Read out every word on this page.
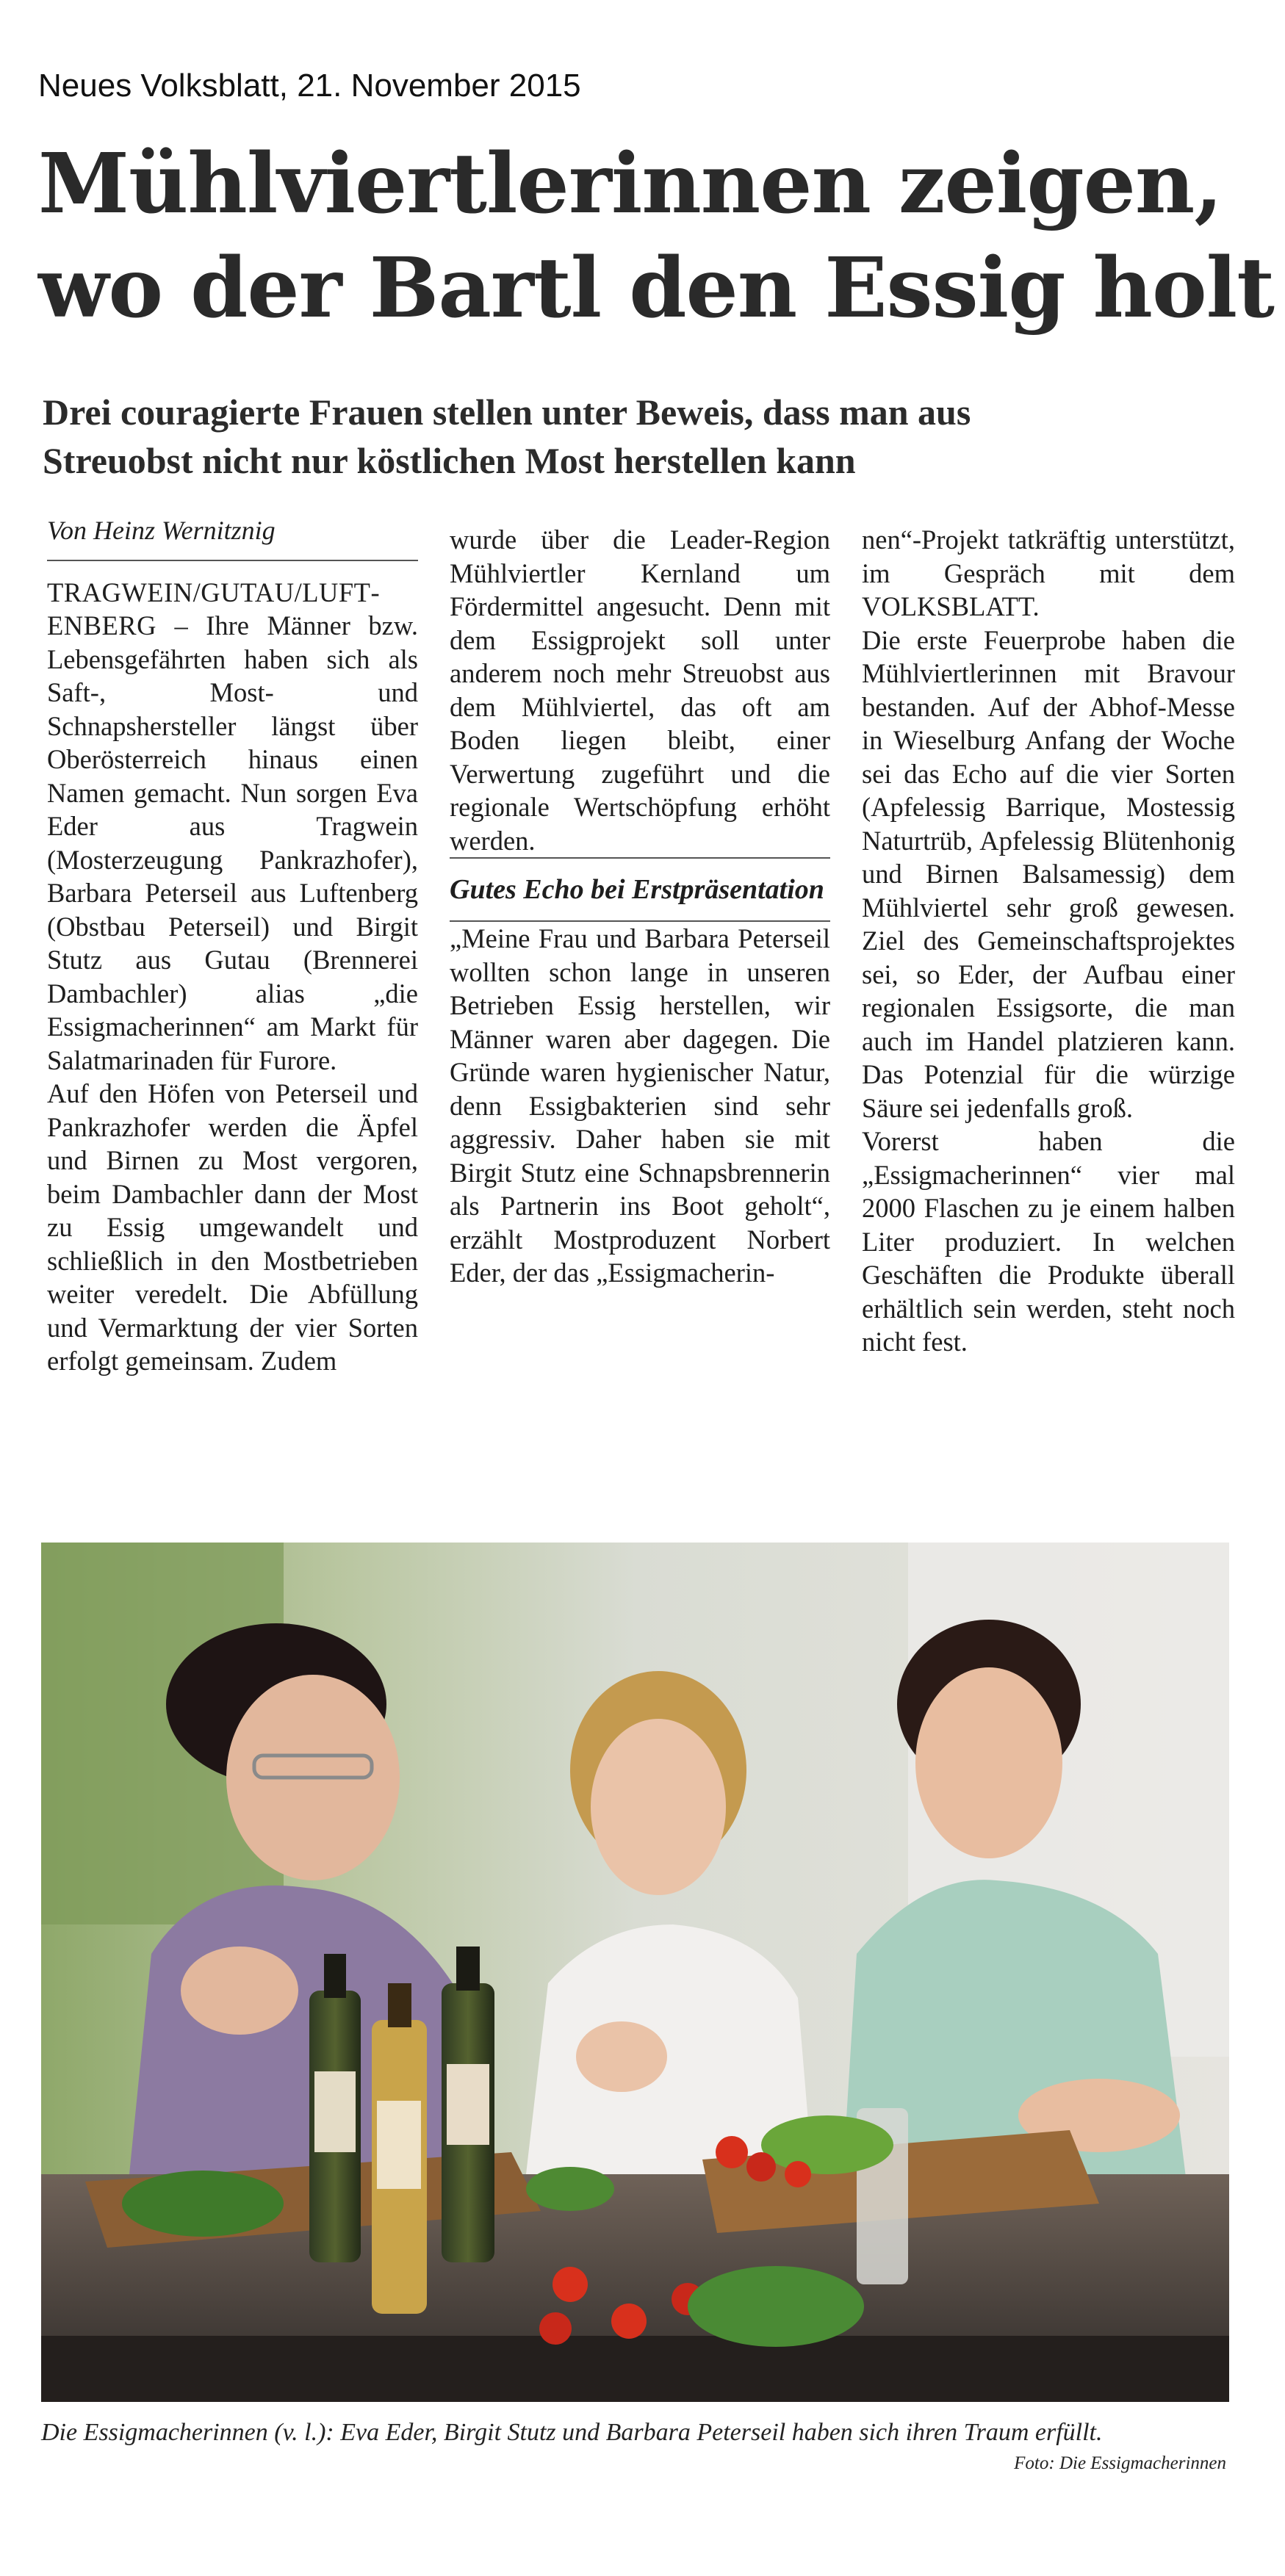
Neues Volksblatt, 21. November 2015
Mühlviertlerinnen zeigen,
wo der Bartl den Essig holt
Drei couragierte Frauen stellen unter Beweis, dass man aus
Streuobst nicht nur köstlichen Most herstellen kann

Von Heinz Wernitznig

TRAGWEIN/GUTAU/LUFTENBERG – Ihre Männer bzw. Lebensgefährten haben sich als Saft-, Most- und Schnapshersteller längst über Oberösterreich hinaus einen Namen gemacht. Nun sorgen Eva Eder aus Tragwein (Mosterzeugung Pankrazhofer), Barbara Peterseil aus Luftenberg (Obstbau Peterseil) und Birgit Stutz aus Gutau (Brennerei Dambachler) alias „die Essigmacherinnen“ am Markt für Salatmarinaden für Furore.

Auf den Höfen von Peterseil und Pankrazhofer werden die Äpfel und Birnen zu Most vergoren, beim Dambachler dann der Most zu Essig umgewandelt und schließlich in den Mostbetrieben weiter veredelt. Die Abfüllung und Vermarktung der vier Sorten erfolgt gemeinsam. Zudem

wurde über die Leader-Region Mühlviertler Kernland um Fördermittel angesucht. Denn mit dem Essigprojekt soll unter anderem noch mehr Streuobst aus dem Mühlviertel, das oft am Boden liegen bleibt, einer Verwertung zugeführt und die regionale Wertschöpfung erhöht werden.

Gutes Echo bei Erstpräsentation

„Meine Frau und Barbara Peterseil wollten schon lange in unseren Betrieben Essig herstellen, wir Männer waren aber dagegen. Die Gründe waren hygienischer Natur, denn Essigbakterien sind sehr aggressiv. Daher haben sie mit Birgit Stutz eine Schnapsbrennerin als Partnerin ins Boot geholt“, erzählt Mostproduzent Norbert Eder, der das „Essigmacherin-

nen“-Projekt tatkräftig unterstützt, im Gespräch mit dem VOLKSBLATT.

Die erste Feuerprobe haben die Mühlviertlerinnen mit Bravour bestanden. Auf der Abhof-Messe in Wieselburg Anfang der Woche sei das Echo auf die vier Sorten (Apfelessig Barrique, Mostessig Naturtrüb, Apfelessig Blütenhonig und Birnen Balsamessig) dem Mühlviertel sehr groß gewesen. Ziel des Gemeinschaftsprojektes sei, so Eder, der Aufbau einer regionalen Essigsorte, die man auch im Handel platzieren kann. Das Potenzial für die würzige Säure sei jedenfalls groß.

Vorerst haben die „Essigmacherinnen“ vier mal 2000 Flaschen zu je einem halben Liter produziert. In welchen Geschäften die Produkte überall erhältlich sein werden, steht noch nicht fest.

Die Essigmacherinnen (v. l.): Eva Eder, Birgit Stutz und Barbara Peterseil haben sich ihren Traum erfüllt.
Foto: Die Essigmacherinnen
